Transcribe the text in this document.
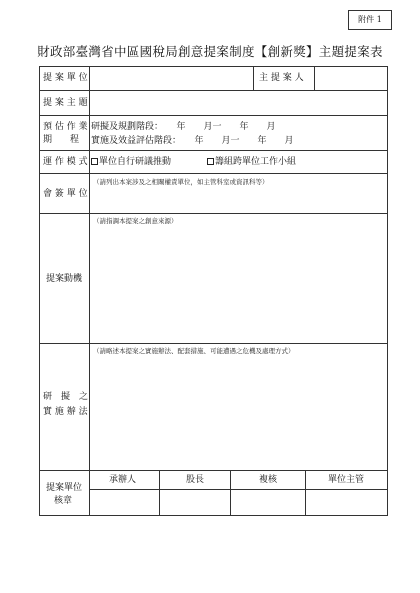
附件 1
財政部臺灣省中區國稅局創意提案制度【創新獎】主題提案表
提 案 單 位	主 提 案 人
提 案 主 題
預 估 作 業
期　　程
研擬及規劃階段：　　年　　月一　　年　　月
實施及效益評估階段：　　年　　月一　　年　　月
運 作 模 式	單位自行研議推動	籌組跨單位工作小組
會 簽 單 位
（請列出本案涉及之相關權責單位，如主管科室或資訊科等）
提案動機
（請指調本提案之創意來源）
研　擬　之
實 施 辦 法
（請略述本提案之實施辦法、配套措施、可能遭遇之危機及處理方式）
提案單位
核章
承辦人	股長	複核	單位主管
